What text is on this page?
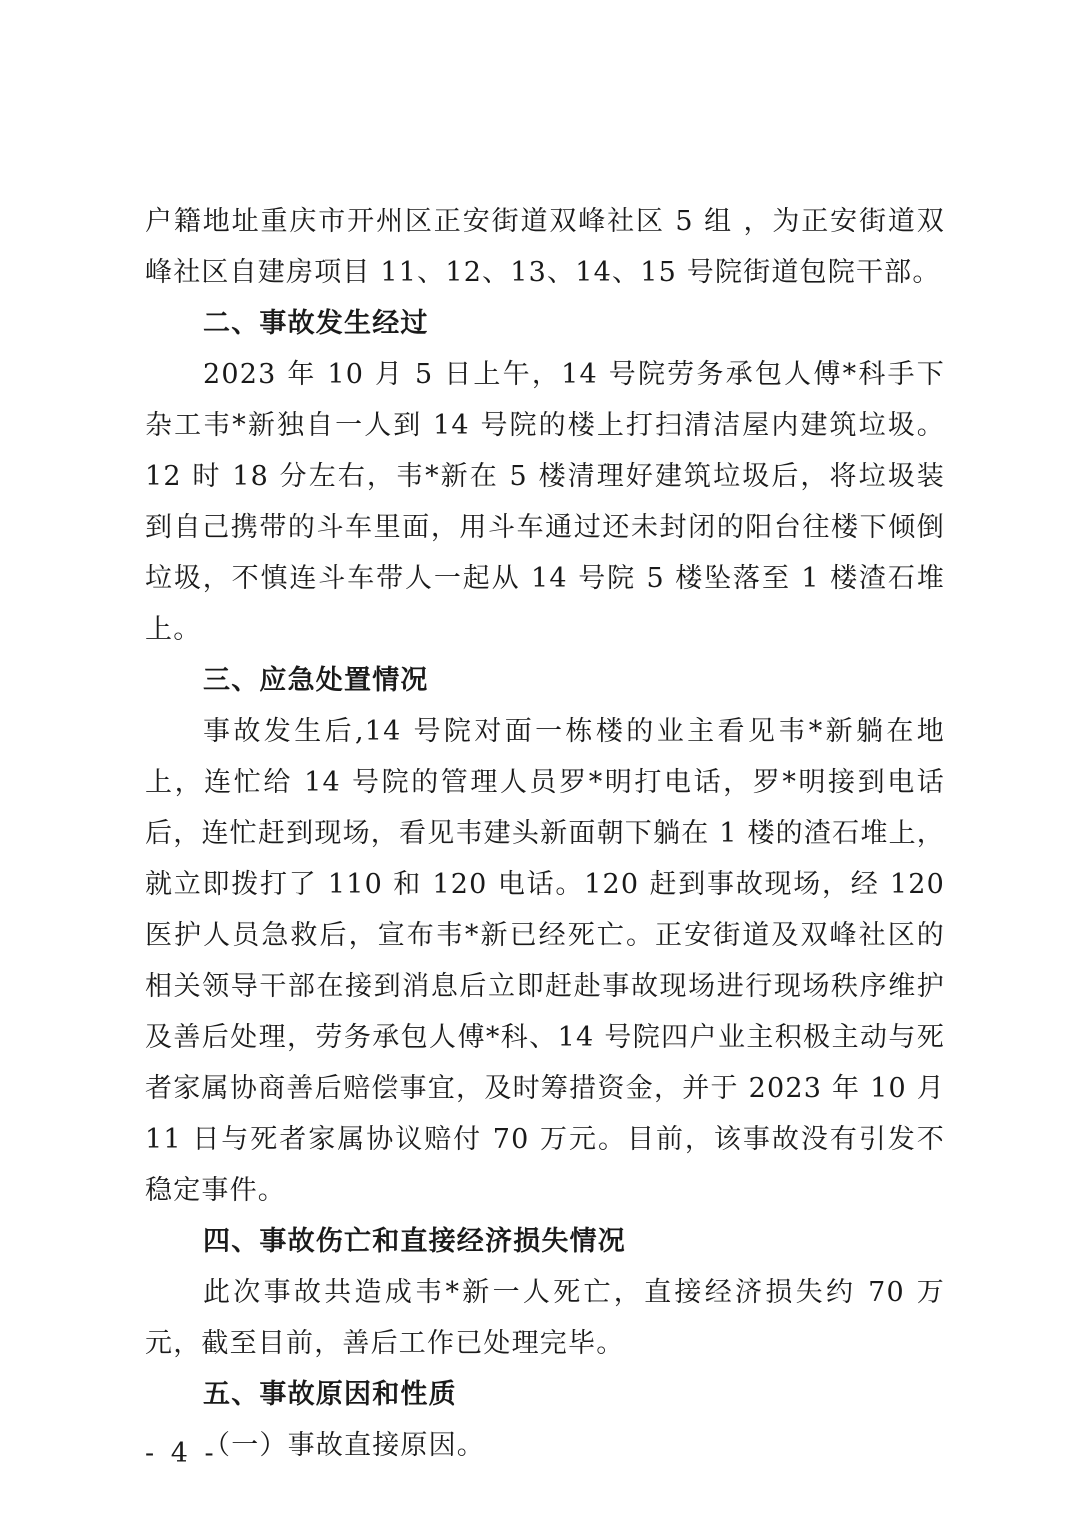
户籍地址重庆市开州区正安街道双峰社区 5 组 ，为正安街道双峰社区自建房项目 11、12、13、14、15 号院街道包院干部。

二、事故发生经过

2023 年 10 月 5 日上午，14 号院劳务承包人傅*科手下杂工韦*新独自一人到 14 号院的楼上打扫清洁屋内建筑垃圾。12 时 18 分左右，韦*新在 5 楼清理好建筑垃圾后，将垃圾装到自己携带的斗车里面，用斗车通过还未封闭的阳台往楼下倾倒垃圾，不慎连斗车带人一起从 14 号院 5 楼坠落至 1 楼渣石堆上。

三、应急处置情况

事故发生后,14 号院对面一栋楼的业主看见韦*新躺在地上，连忙给 14 号院的管理人员罗*明打电话，罗*明接到电话后，连忙赶到现场，看见韦建头新面朝下躺在 1 楼的渣石堆上，就立即拨打了 110 和 120 电话。120 赶到事故现场，经 120 医护人员急救后，宣布韦*新已经死亡。正安街道及双峰社区的相关领导干部在接到消息后立即赶赴事故现场进行现场秩序维护及善后处理，劳务承包人傅*科、14 号院四户业主积极主动与死者家属协商善后赔偿事宜，及时筹措资金，并于 2023 年 10 月 11 日与死者家属协议赔付 70 万元。目前，该事故没有引发不稳定事件。

四、事故伤亡和直接经济损失情况

此次事故共造成韦*新一人死亡，直接经济损失约 70 万元，截至目前，善后工作已处理完毕。

五、事故原因和性质

（一）事故直接原因。

- 4 -
